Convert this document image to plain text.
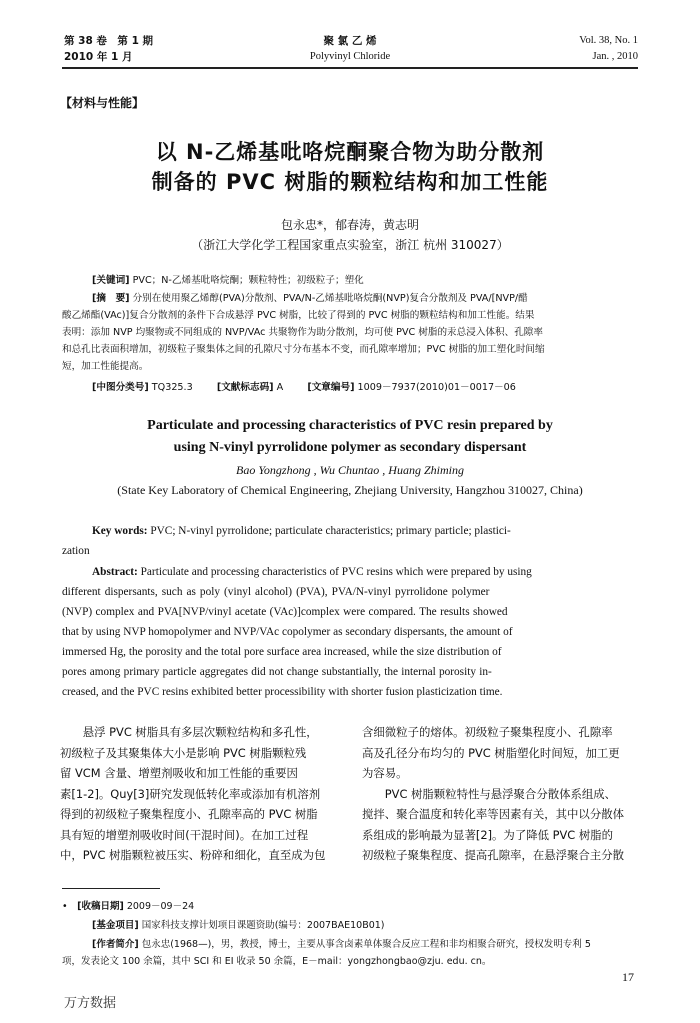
第 38 卷　第 1 期
2010 年 1 月
聚 氯 乙 烯
Polyvinyl Chloride
Vol. 38, No. 1
Jan. , 2010
【材料与性能】
以 N-乙烯基吡咯烷酮聚合物为助分散剂
制备的 PVC 树脂的颗粒结构和加工性能
包永忠*，郁春涛，黄志明
（浙江大学化学工程国家重点实验室，浙江 杭州 310027）
[关键词] PVC；N-乙烯基吡咯烷酮；颗粒特性；初级粒子；塑化
[摘　要] 分别在使用聚乙烯醇(PVA)分散剂、PVA/N-乙烯基吡咯烷酮(NVP)复合分散剂及 PVA/[NVP/醋
酸乙烯酯(VAc)]复合分散剂的条件下合成悬浮 PVC 树脂，比较了得到的 PVC 树脂的颗粒结构和加工性能。结果
表明：添加 NVP 均聚物或不同组成的 NVP/VAc 共聚物作为助分散剂，均可使 PVC 树脂的汞总浸入体积、孔隙率
和总孔比表面积增加，初级粒子聚集体之间的孔隙尺寸分布基本不变，而孔隙率增加；PVC 树脂的加工塑化时间缩
短，加工性能提高。
[中图分类号] TQ325.3	[文献标志码] A	[文章编号] 1009－7937(2010)01－0017－06
Particulate and processing characteristics of PVC resin prepared by
using N-vinyl pyrrolidone polymer as secondary dispersant
Bao Yongzhong , Wu Chuntao , Huang Zhiming
(State Key Laboratory of Chemical Engineering, Zhejiang University, Hangzhou 310027, China)
Key words: PVC; N-vinyl pyrrolidone; particulate characteristics; primary particle; plastici-
zation
Abstract: Particulate and processing characteristics of PVC resins which were prepared by using
different dispersants, such as poly (vinyl alcohol) (PVA), PVA/N-vinyl pyrrolidone polymer
(NVP) complex and PVA[NVP/vinyl acetate (VAc)]complex were compared. The results showed
that by using NVP homopolymer and NVP/VAc copolymer as secondary dispersants, the amount of
immersed Hg, the porosity and the total pore surface area increased, while the size distribution of
pores among primary particle aggregates did not change substantially, the internal porosity in-
creased, and the PVC resins exhibited better processibility with shorter fusion plasticization time.
　　悬浮 PVC 树脂具有多层次颗粒结构和多孔性，
初级粒子及其聚集体大小是影响 PVC 树脂颗粒残
留 VCM 含量、增塑剂吸收和加工性能的重要因
素[1-2]。Quy[3]研究发现低转化率或添加有机溶剂
得到的初级粒子聚集程度小、孔隙率高的 PVC 树脂
具有短的增塑剂吸收时间(干混时间)。在加工过程
中，PVC 树脂颗粒被压实、粉碎和细化，直至成为包
含细微粒子的熔体。初级粒子聚集程度小、孔隙率
高及孔径分布均匀的 PVC 树脂塑化时间短，加工更
为容易。
　　PVC 树脂颗粒特性与悬浮聚合分散体系组成、
搅拌、聚合温度和转化率等因素有关，其中以分散体
系组成的影响最为显著[2]。为了降低 PVC 树脂的
初级粒子聚集程度、提高孔隙率，在悬浮聚合主分散
•　[收稿日期] 2009－09－24
[基金项目] 国家科技支撑计划项目课题资助(编号：2007BAE10B01)
[作者简介] 包永忠(1968—)，男，教授，博士，主要从事含卤素单体聚合反应工程和非均相聚合研究，授权发明专利 5
项，发表论文 100 余篇，其中 SCI 和 EI 收录 50 余篇，E－mail：yongzhongbao@zju. edu. cn。
17
万方数据
